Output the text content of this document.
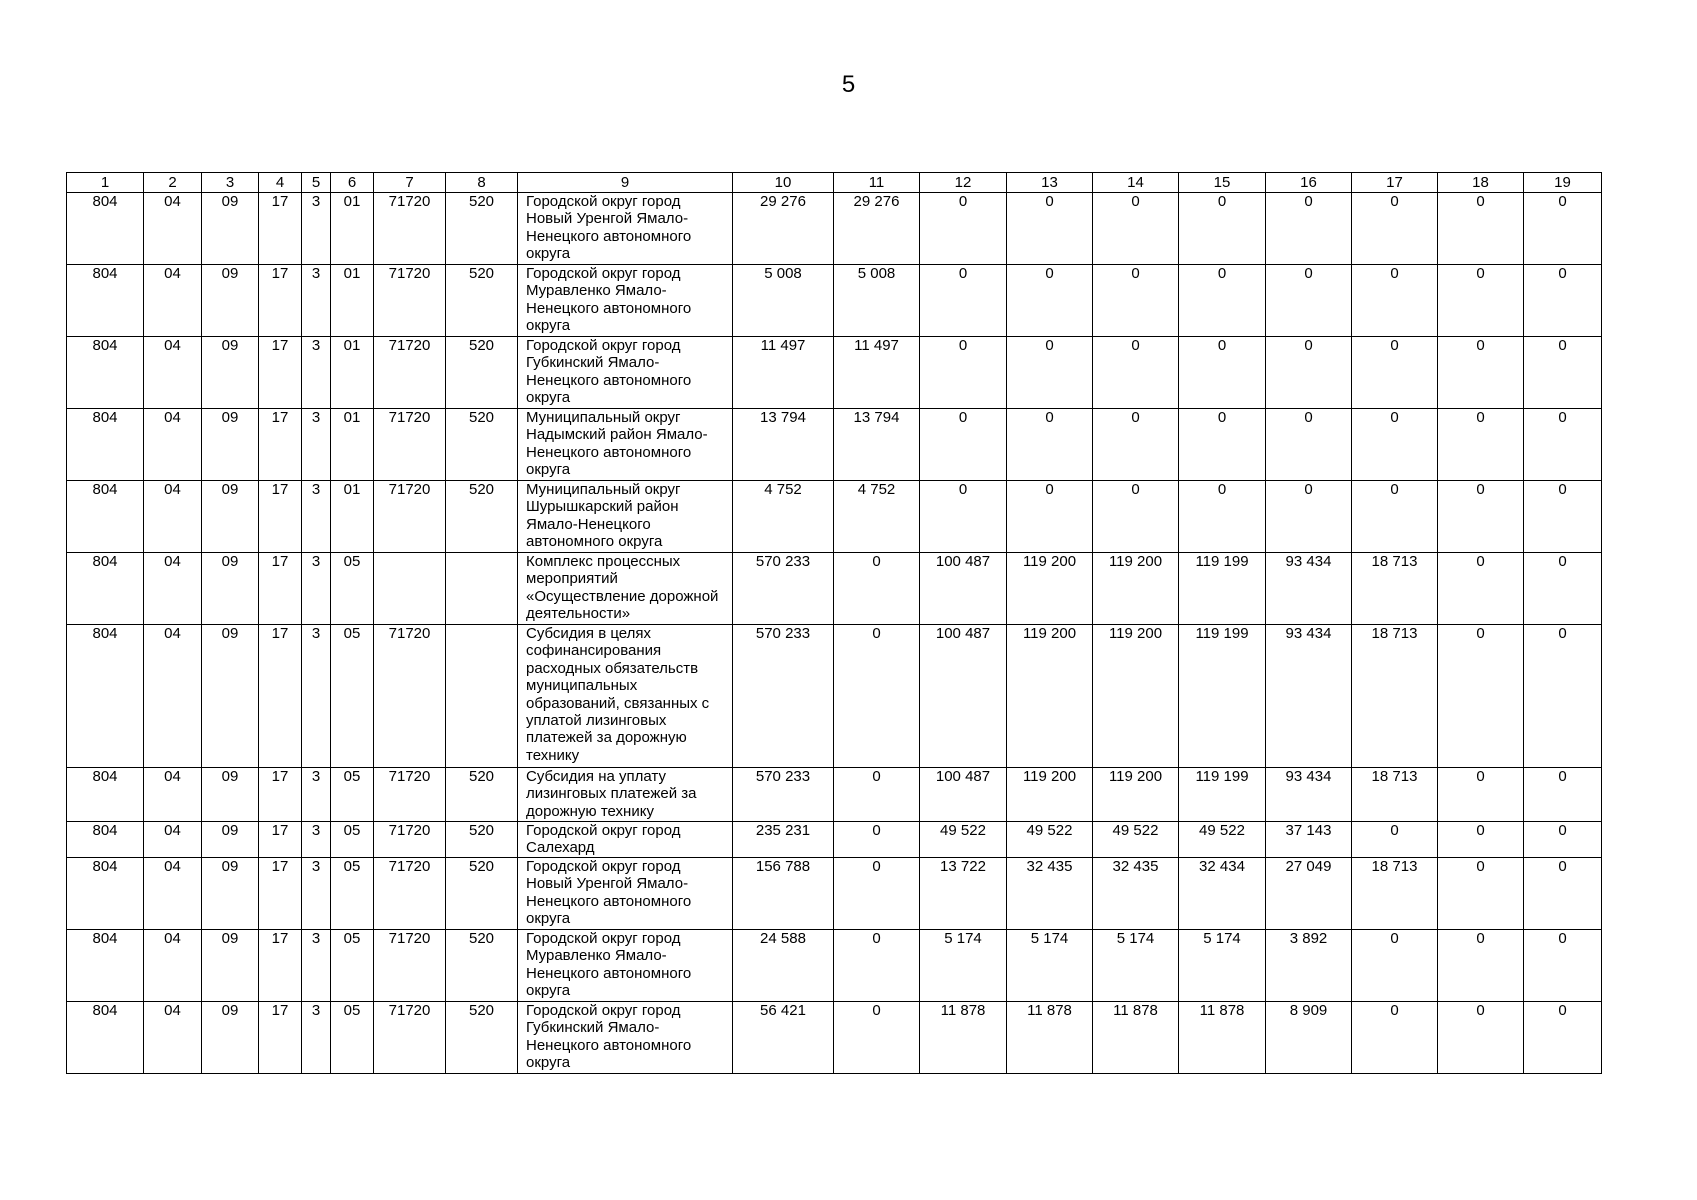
5
1	2	3	4	5	6	7	8	9	10	11	12	13	14	15	16	17	18	19
804	04	09	17	3	01	71720	520	Городской округ город Новый Уренгой Ямало-Ненецкого автономного округа	29 276	29 276	0	0	0	0	0	0	0	0
804	04	09	17	3	01	71720	520	Городской округ город Муравленко Ямало-Ненецкого автономного округа	5 008	5 008	0	0	0	0	0	0	0	0
804	04	09	17	3	01	71720	520	Городской округ город Губкинский Ямало-Ненецкого автономного округа	11 497	11 497	0	0	0	0	0	0	0	0
804	04	09	17	3	01	71720	520	Муниципальный округ Надымский район Ямало-Ненецкого автономного округа	13 794	13 794	0	0	0	0	0	0	0	0
804	04	09	17	3	01	71720	520	Муниципальный округ Шурышкарский район Ямало-Ненецкого автономного округа	4 752	4 752	0	0	0	0	0	0	0	0
804	04	09	17	3	05			Комплекс процессных мероприятий «Осуществление дорожной деятельности»	570 233	0	100 487	119 200	119 200	119 199	93 434	18 713	0	0
804	04	09	17	3	05	71720		Субсидия в целях софинансирования расходных обязательств муниципальных образований, связанных с уплатой лизинговых платежей за дорожную технику	570 233	0	100 487	119 200	119 200	119 199	93 434	18 713	0	0
804	04	09	17	3	05	71720	520	Субсидия на уплату лизинговых платежей за дорожную технику	570 233	0	100 487	119 200	119 200	119 199	93 434	18 713	0	0
804	04	09	17	3	05	71720	520	Городской округ город Салехард	235 231	0	49 522	49 522	49 522	49 522	37 143	0	0	0
804	04	09	17	3	05	71720	520	Городской округ город Новый Уренгой Ямало-Ненецкого автономного округа	156 788	0	13 722	32 435	32 435	32 434	27 049	18 713	0	0
804	04	09	17	3	05	71720	520	Городской округ город Муравленко Ямало-Ненецкого автономного округа	24 588	0	5 174	5 174	5 174	5 174	3 892	0	0	0
804	04	09	17	3	05	71720	520	Городской округ город Губкинский Ямало-Ненецкого автономного округа	56 421	0	11 878	11 878	11 878	11 878	8 909	0	0	0
